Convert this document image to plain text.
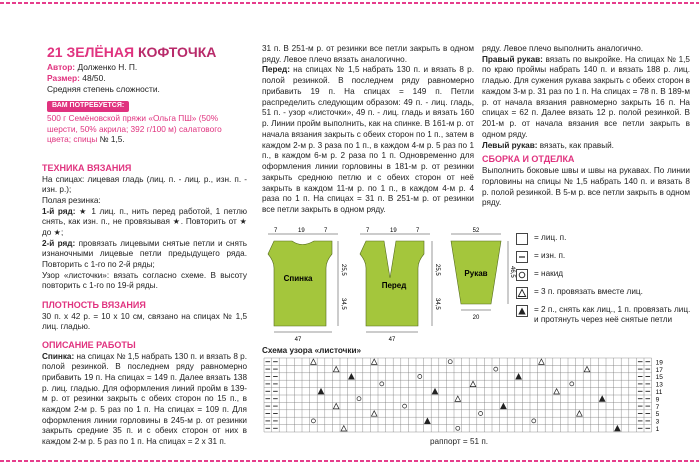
21 ЗЕЛЁНАЯ КОФТОЧКА
Автор: Долженко Н. П.
Размер: 48/50.
Средняя степень сложности.
ВАМ ПОТРЕБУЕТСЯ:
500 г Семёновской пряжи «Ольга ПШ» (50% шерсти, 50% акрила; 392 г/100 м) салатового цвета; спицы № 1,5.
ТЕХНИКА ВЯЗАНИЯ
На спицах: лицевая гладь (лиц. п. - лиц. р., изн. п. - изн. р.);
Полая резинка:
1-й ряд: ★ 1 лиц. п., нить перед работой, 1 петлю снять, как изн. п., не провязывая ★. Повторить от ★ до ★;
2-й ряд: провязать лицевыми снятые петли и снять изнаночными лицевые петли предыдущего ряда. Повторить с 1-го по 2-й ряды;
Узор «листочки»: вязать согласно схеме. В высоту повторить с 1-го по 19-й ряды.
ПЛОТНОСТЬ ВЯЗАНИЯ
30 п. х 42 р. = 10 х 10 см, связано на спицах № 1,5 лиц. гладью.
ОПИСАНИЕ РАБОТЫ
Спинка: на спицах № 1,5 набрать 130 п. и вязать 8 р. полой резинкой. В последнем ряду равномерно прибавить 19 п. На спицах = 149 п. Далее вязать 138 р. лиц. гладью. Для оформления линий пройм в 139-м р. от резинки закрыть с обеих сторон по 15 п., в каждом 2-м р. 5 раз по 1 п. На спицах = 109 п. Для оформления линии горловины в 245-м р. от резинки закрыть средние 35 п. и с обеих сторон от них в каждом 2-м р. 5 раз по 1 п. На спицах = 2 х 31 п.
31 п. В 251-м р. от резинки все петли закрыть в одном ряду. Левое плечо вязать аналогично.
Перед: на спицах № 1,5 набрать 130 п. и вязать 8 р. полой резинкой. В последнем ряду равномерно прибавить 19 п. На спицах = 149 п. Петли распределить следующим образом: 49 п. - лиц. гладь, 51 п. - узор «листочки», 49 п. - лиц. гладь и вязать 160 р. Линии пройм выполнить, как на спинке. В 161-м р. от начала вязания закрыть с обеих сторон по 1 п., затем в каждом 2-м р. 3 раза по 1 п., в каждом 4-м р. 5 раз по 1 п., в каждом 6-м р. 2 раза по 1 п. Одновременно для оформления линии горловины в 181-м р. от резинки закрыть среднюю петлю и с обеих сторон от неё закрыть в каждом 11-м р. по 1 п., в каждом 4-м р. 4 раза по 1 п. На спицах = 31 п. В 251-м р. от резинки все петли закрыть в одном ряду.
ряду. Левое плечо выполнить аналогично.
Правый рукав: вязать по выкройке. На спицах № 1,5 по краю проймы набрать 140 п. и вязать 188 р. лиц. гладью. Для сужения рукава закрыть с обеих сторон в каждом 3-м р. 31 раз по 1 п. На спицах = 78 п. В 189-м р. от начала вязания равномерно закрыть 16 п. На спицах = 62 п. Далее вязать 12 р. полой резинкой. В 201-м р. от начала вязания все петли закрыть в одном ряду.
Левый рукав: вязать, как правый.
СБОРКА И ОТДЕЛКА
Выполнить боковые швы и швы на рукавах. По линии горловины на спицы № 1,5 набрать 140 п. и вязать 8 р. полой резинкой. В 5-м р. все петли закрыть в одном ряду.
Спинка
7	19	7
25,5
34,5
47
Перед
7	19	7
25,5
34,5
47
Рукав
52
46,5
20
= лиц. п.
= изн. п.
= накид
= 3 п. провязать вместе лиц.
= 2 п., снять как лиц., 1 п. провязать лиц. и протянуть через неё снятые петли
Схема узора «листочки»
19
17
15
13
11
9
7
5
3
1
раппорт = 51 п.
